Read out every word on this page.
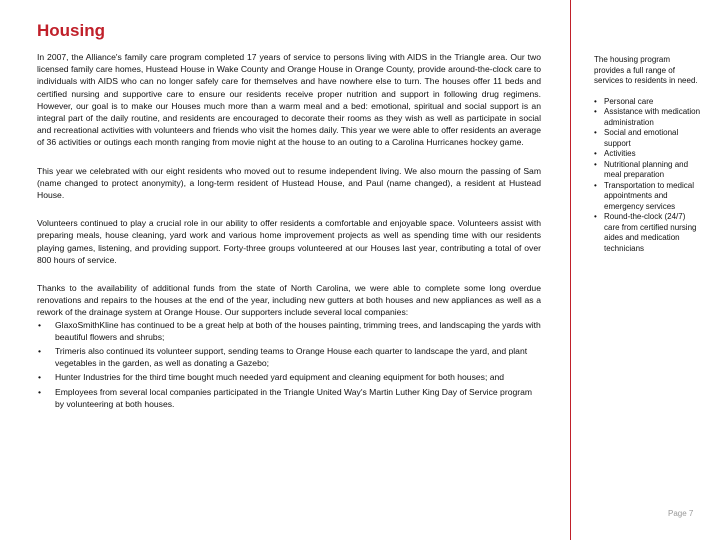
Housing

In 2007, the Alliance's family care program completed 17 years of service to persons living with AIDS in the Triangle area. Our two licensed family care homes, Hustead House in Wake County and Orange House in Orange County, provide around-the-clock care to individuals with AIDS who can no longer safely care for themselves and have nowhere else to turn. The houses offer 11 beds and certified nursing and supportive care to ensure our residents receive proper nutrition and support in following drug regimens. However, our goal is to make our Houses much more than a warm meal and a bed: emotional, spiritual and social support is an integral part of the daily routine, and residents are encouraged to decorate their rooms as they wish as well as participate in social and recreational activities with volunteers and friends who visit the homes daily. This year we were able to offer residents an average of 36 activities or outings each month ranging from movie night at the house to an outing to a Carolina Hurricanes hockey game.

This year we celebrated with our eight residents who moved out to resume independent living. We also mourn the passing of Sam (name changed to protect anonymity), a long-term resident of Hustead House, and Paul (name changed), a resident at Hustead House.

Volunteers continued to play a crucial role in our ability to offer residents a comfortable and enjoyable space. Volunteers assist with preparing meals, house cleaning, yard work and various home improvement projects as well as spending time with our residents playing games, listening, and providing support. Forty-three groups volunteered at our Houses last year, contributing a total of over 800 hours of service.

Thanks to the availability of additional funds from the state of North Carolina, we were able to complete some long overdue renovations and repairs to the houses at the end of the year, including new gutters at both houses and new appliances as well as a rework of the drainage system at Orange House. Our supporters include several local companies:

• GlaxoSmithKline has continued to be a great help at both of the houses painting, trimming trees, and landscaping the yards with beautiful flowers and shrubs;
• Trimeris also continued its volunteer support, sending teams to Orange House each quarter to landscape the yard, and plant vegetables in the garden, as well as donating a Gazebo;
• Hunter Industries for the third time bought much needed yard equipment and cleaning equipment for both houses; and
• Employees from several local companies participated in the Triangle United Way's Martin Luther King Day of Service program by volunteering at both houses.

The housing program provides a full range of services to residents in need.

• Personal care
• Assistance with medication administration
• Social and emotional support
• Activities
• Nutritional planning and meal preparation
• Transportation to medical appointments and emergency services
• Round-the-clock (24/7) care from certified nursing aides and medication technicians
Page 7
